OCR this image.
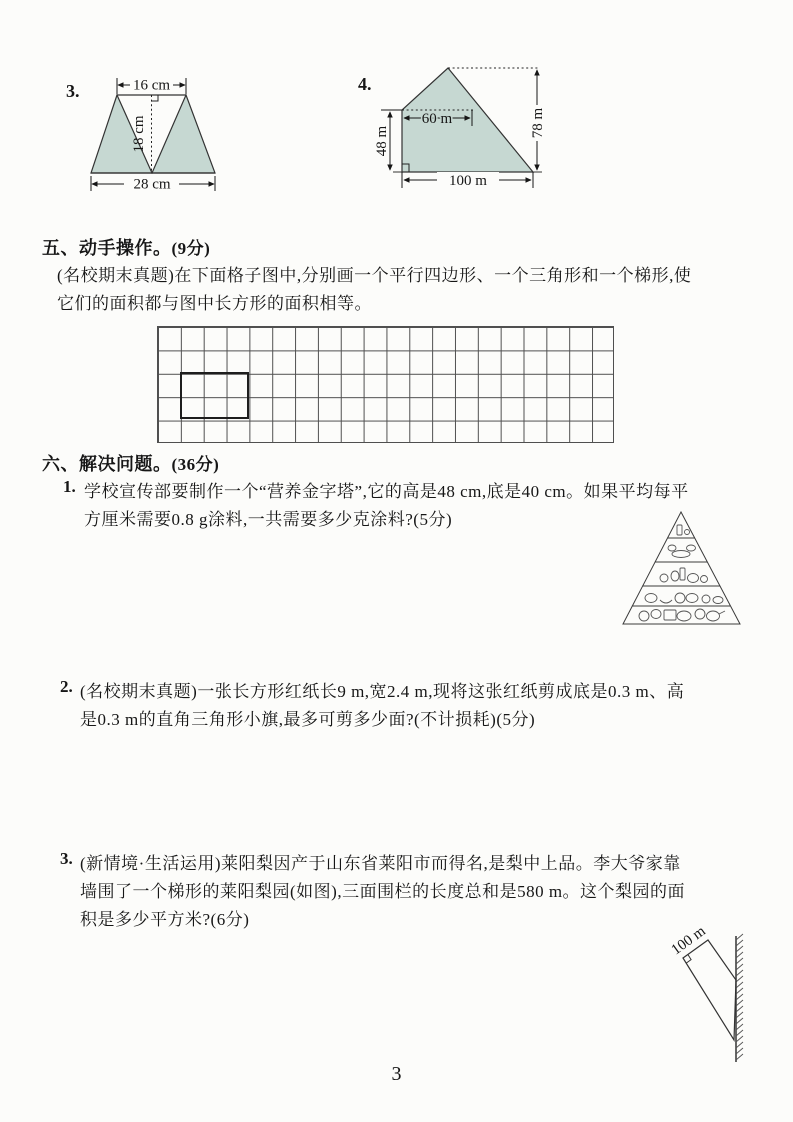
3.
18 cm
16 cm
28 cm
4.
60 m
48 m
78 m
100 m
五、动手操作。(9分)
(名校期末真题)在下面格子图中,分别画一个平行四边形、一个三角形和一个梯形,使
它们的面积都与图中长方形的面积相等。
六、解决问题。(36分)
1. 学校宣传部要制作一个“营养金字塔”,它的高是48 cm,底是40 cm。如果平均每平
方厘米需要0.8 g涂料,一共需要多少克涂料?(5分)
2. (名校期末真题)一张长方形红纸长9 m,宽2.4 m,现将这张红纸剪成底是0.3 m、高
是0.3 m的直角三角形小旗,最多可剪多少面?(不计损耗)(5分)
3. (新情境·生活运用)莱阳梨因产于山东省莱阳市而得名,是梨中上品。李大爷家靠
墙围了一个梯形的莱阳梨园(如图),三面围栏的长度总和是580 m。这个梨园的面
积是多少平方米?(6分)
100 m
3
